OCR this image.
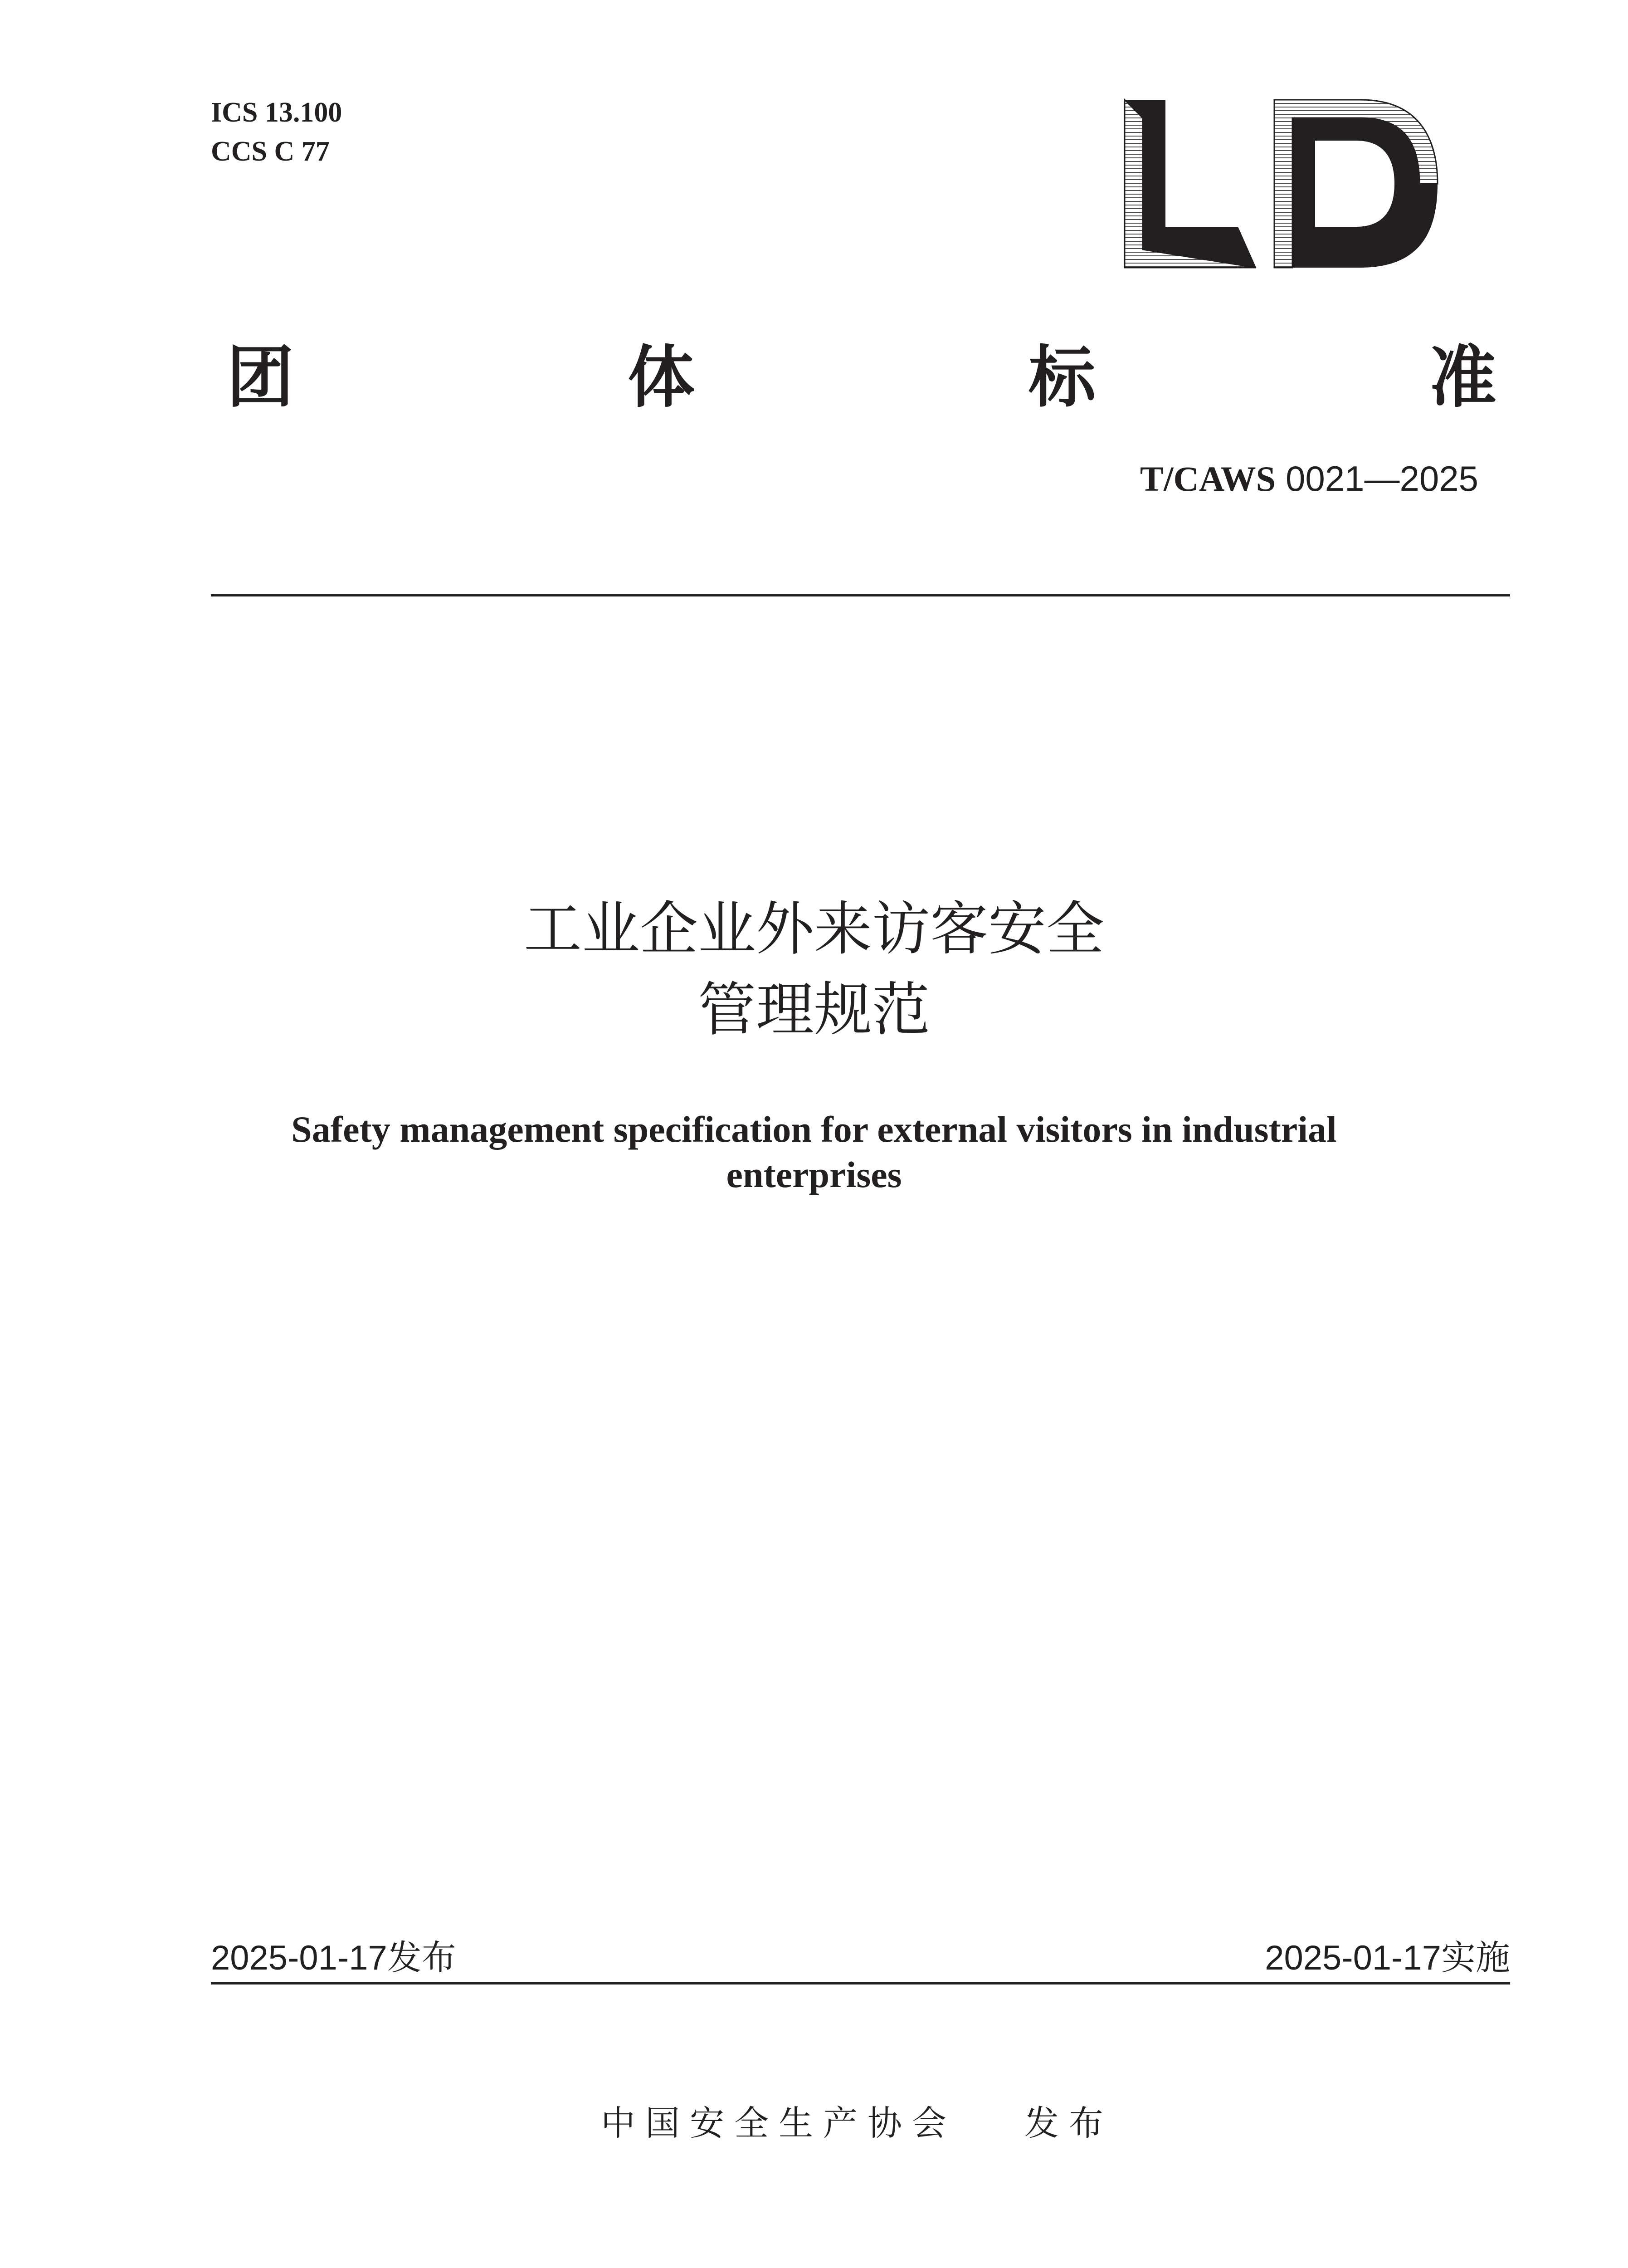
ICS 13.100
CCS C 77
团	体	标	准
T/CAWS 0021—2025
工业企业外来访客安全
管理规范
Safety management specification for external visitors in industrial
enterprises
2025-01-17发布	2025-01-17实施
中国安全生产协会 发布
